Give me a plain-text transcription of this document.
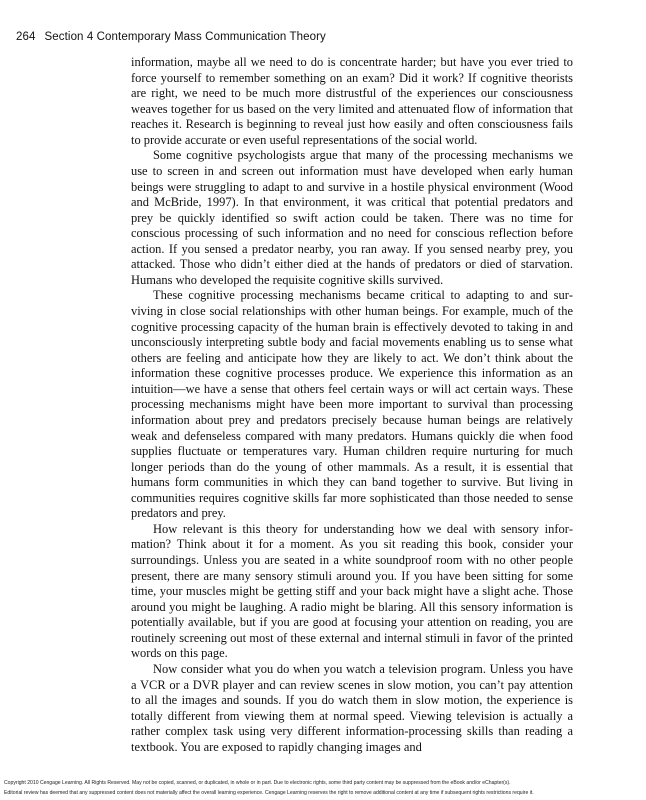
264 Section 4 Contemporary Mass Communication Theory

information, maybe all we need to do is concentrate harder; but have you ever tried to force yourself to remember something on an exam? Did it work? If cognitive theorists are right, we need to be much more distrustful of the experiences our consciousness weaves together for us based on the very limited and attenuated flow of information that reaches it. Research is beginning to reveal just how easily and often consciousness fails to provide accurate or even useful representations of the social world.

Some cognitive psychologists argue that many of the processing mechanisms we use to screen in and screen out information must have developed when early human beings were struggling to adapt to and survive in a hostile physical environment (Wood and McBride, 1997). In that environment, it was critical that potential predators and prey be quickly identified so swift action could be taken. There was no time for conscious processing of such information and no need for conscious reflection before action. If you sensed a predator nearby, you ran away. If you sensed nearby prey, you attacked. Those who didn’t either died at the hands of predators or died of starvation. Humans who developed the requisite cognitive skills survived.

These cognitive processing mechanisms became critical to adapting to and surviving in close social relationships with other human beings. For example, much of the cognitive processing capacity of the human brain is effectively devoted to taking in and unconsciously interpreting subtle body and facial movements enabling us to sense what others are feeling and anticipate how they are likely to act. We don’t think about the information these cognitive processes produce. We experience this information as an intuition—we have a sense that others feel certain ways or will act certain ways. These processing mechanisms might have been more important to survival than processing information about prey and predators precisely because human beings are relatively weak and defenseless compared with many predators. Humans quickly die when food supplies fluctuate or temperatures vary. Human children require nurturing for much longer periods than do the young of other mammals. As a result, it is essential that humans form communities in which they can band together to survive. But living in communities requires cognitive skills far more sophisticated than those needed to sense predators and prey.

How relevant is this theory for understanding how we deal with sensory information? Think about it for a moment. As you sit reading this book, consider your surroundings. Unless you are seated in a white soundproof room with no other people present, there are many sensory stimuli around you. If you have been sitting for some time, your muscles might be getting stiff and your back might have a slight ache. Those around you might be laughing. A radio might be blaring. All this sensory information is potentially available, but if you are good at focusing your attention on reading, you are routinely screening out most of these external and internal stimuli in favor of the printed words on this page.

Now consider what you do when you watch a television program. Unless you have a VCR or a DVR player and can review scenes in slow motion, you can’t pay attention to all the images and sounds. If you do watch them in slow motion, the experience is totally different from viewing them at normal speed. Viewing television is actually a rather complex task using very different information-processing skills than reading a textbook. You are exposed to rapidly changing images and

Copyright 2010 Cengage Learning. All Rights Reserved. May not be copied, scanned, or duplicated, in whole or in part. Due to electronic rights, some third party content may be suppressed from the eBook and/or eChapter(s).
Editorial review has deemed that any suppressed content does not materially affect the overall learning experience. Cengage Learning reserves the right to remove additional content at any time if subsequent rights restrictions require it.
